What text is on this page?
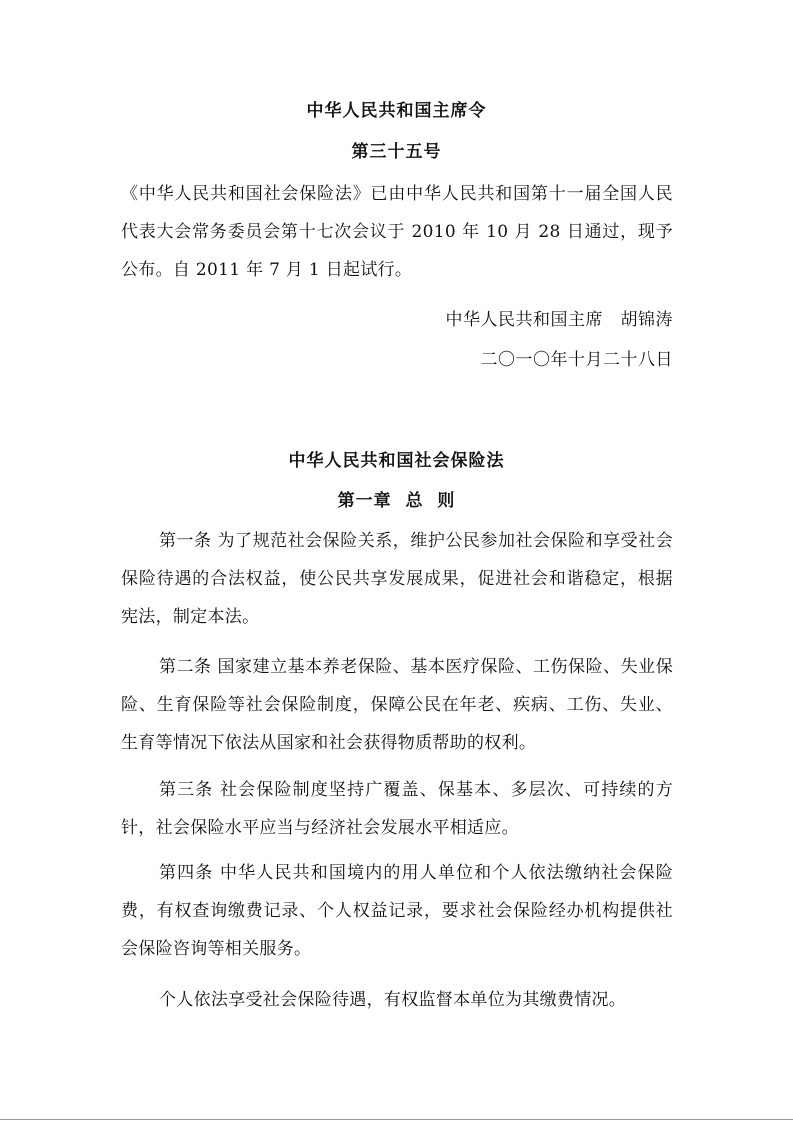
中华人民共和国主席令
第三十五号
《中华人民共和国社会保险法》已由中华人民共和国第十一届全国人民代表大会常务委员会第十七次会议于 2010 年 10 月 28 日通过，现予公布。自 2011 年 7 月 1 日起试行。
中华人民共和国主席　胡锦涛
二〇一〇年十月二十八日
中华人民共和国社会保险法
第一章  总  则
第一条 为了规范社会保险关系，维护公民参加社会保险和享受社会保险待遇的合法权益，使公民共享发展成果，促进社会和谐稳定，根据宪法，制定本法。
第二条 国家建立基本养老保险、基本医疗保险、工伤保险、失业保险、生育保险等社会保险制度，保障公民在年老、疾病、工伤、失业、生育等情况下依法从国家和社会获得物质帮助的权利。
第三条 社会保险制度坚持广覆盖、保基本、多层次、可持续的方针，社会保险水平应当与经济社会发展水平相适应。
第四条 中华人民共和国境内的用人单位和个人依法缴纳社会保险费，有权查询缴费记录、个人权益记录，要求社会保险经办机构提供社会保险咨询等相关服务。
个人依法享受社会保险待遇，有权监督本单位为其缴费情况。
